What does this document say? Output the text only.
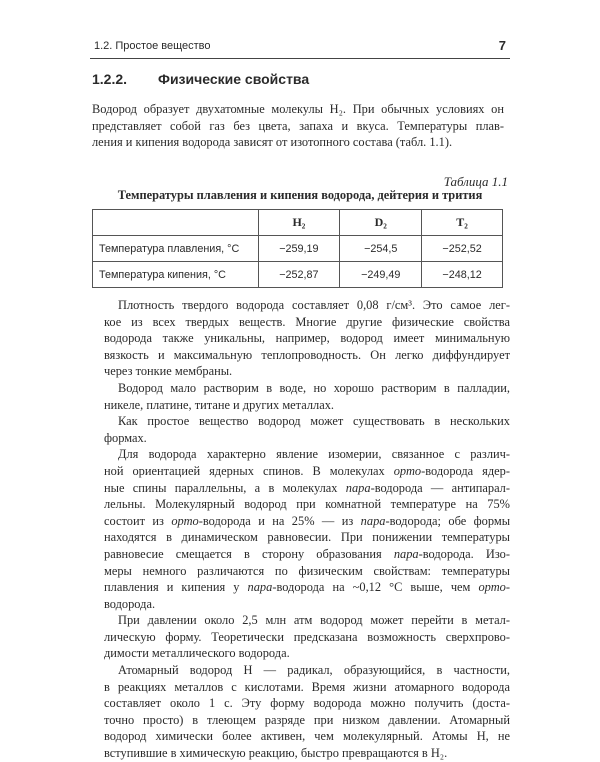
1.2. Простое вещество	7
1.2.2. Физические свойства
Водород образует двухатомные молекулы H₂. При обычных условиях он
представляет собой газ без цвета, запаха и вкуса. Температуры плав-
ления и кипения водорода зависят от изотопного состава (табл. 1.1).
Таблица 1.1
Температуры плавления и кипения водорода, дейтерия и трития
	H₂	D₂	T₂
Температура плавления, °С	−259,19	−254,5	−252,52
Температура кипения, °С	−252,87	−249,49	−248,12
Плотность твердого водорода составляет 0,08 г/см³. Это самое лег-
кое из всех твердых веществ. Многие другие физические свойства
водорода также уникальны, например, водород имеет минимальную
вязкость и максимальную теплопроводность. Он легко диффундирует
через тонкие мембраны.
Водород мало растворим в воде, но хорошо растворим в палладии,
никеле, платине, титане и других металлах.
Как простое вещество водород может существовать в нескольких
формах.
Для водорода характерно явление изомерии, связанное с различ-
ной ориентацией ядерных спинов. В молекулах орто-водорода ядер-
ные спины параллельны, а в молекулах пара-водорода — антипарал-
лельны. Молекулярный водород при комнатной температуре на 75%
состоит из орто-водорода и на 25% — из пара-водорода; обе формы
находятся в динамическом равновесии. При понижении температуры
равновесие смещается в сторону образования пара-водорода. Изо-
меры немного различаются по физическим свойствам: температуры
плавления и кипения у пара-водорода на ~0,12 °С выше, чем орто-
водорода.
При давлении около 2,5 млн атм водород может перейти в метал-
лическую форму. Теоретически предсказана возможность сверхпрово-
димости металлического водорода.
Атомарный водород H — радикал, образующийся, в частности,
в реакциях металлов с кислотами. Время жизни атомарного водорода
составляет около 1 с. Эту форму водорода можно получить (доста-
точно просто) в тлеющем разряде при низком давлении. Атомарный
водород химически более активен, чем молекулярный. Атомы H, не
вступившие в химическую реакцию, быстро превращаются в H₂.
